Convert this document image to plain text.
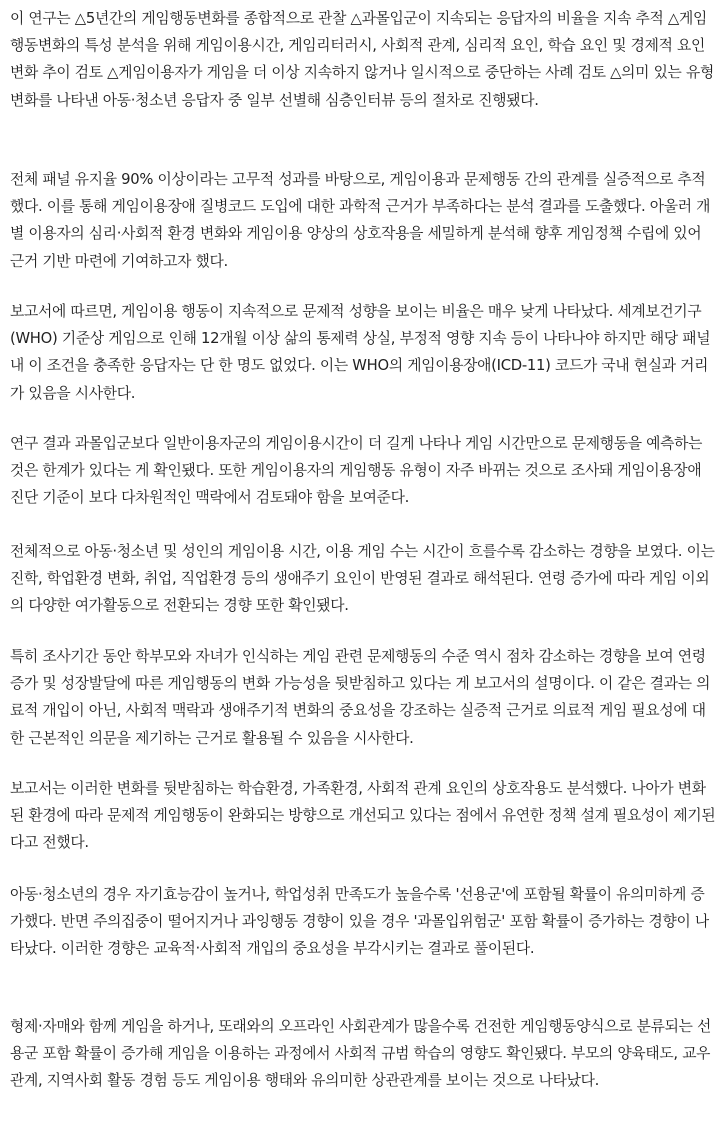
이 연구는 △5년간의 게임행동변화를 종합적으로 관찰 △과몰입군이 지속되는 응답자의 비율을 지속 추적 △게임행동변화의 특성 분석을 위해 게임이용시간, 게임리터러시, 사회적 관계, 심리적 요인, 학습 요인 및 경제적 요인 변화 추이 검토 △게임이용자가 게임을 더 이상 지속하지 않거나 일시적으로 중단하는 사례 검토 △의미 있는 유형변화를 나타낸 아동·청소년 응답자 중 일부 선별해 심층인터뷰 등의 절차로 진행됐다.

전체 패널 유지율 90% 이상이라는 고무적 성과를 바탕으로, 게임이용과 문제행동 간의 관계를 실증적으로 추적했다. 이를 통해 게임이용장애 질병코드 도입에 대한 과학적 근거가 부족하다는 분석 결과를 도출했다. 아울러 개별 이용자의 심리·사회적 환경 변화와 게임이용 양상의 상호작용을 세밀하게 분석해 향후 게임정책 수립에 있어 근거 기반 마련에 기여하고자 했다.

보고서에 따르면, 게임이용 행동이 지속적으로 문제적 성향을 보이는 비율은 매우 낮게 나타났다. 세계보건기구(WHO) 기준상 게임으로 인해 12개월 이상 삶의 통제력 상실, 부정적 영향 지속 등이 나타나야 하지만 해당 패널 내 이 조건을 충족한 응답자는 단 한 명도 없었다. 이는 WHO의 게임이용장애(ICD-11) 코드가 국내 현실과 거리가 있음을 시사한다.

연구 결과 과몰입군보다 일반이용자군의 게임이용시간이 더 길게 나타나 게임 시간만으로 문제행동을 예측하는 것은 한계가 있다는 게 확인됐다. 또한 게임이용자의 게임행동 유형이 자주 바뀌는 것으로 조사돼 게임이용장애 진단 기준이 보다 다차원적인 맥락에서 검토돼야 함을 보여준다.

전체적으로 아동·청소년 및 성인의 게임이용 시간, 이용 게임 수는 시간이 흐를수록 감소하는 경향을 보였다. 이는 진학, 학업환경 변화, 취업, 직업환경 등의 생애주기 요인이 반영된 결과로 해석된다. 연령 증가에 따라 게임 이외의 다양한 여가활동으로 전환되는 경향 또한 확인됐다.

특히 조사기간 동안 학부모와 자녀가 인식하는 게임 관련 문제행동의 수준 역시 점차 감소하는 경향을 보여 연령 증가 및 성장발달에 따른 게임행동의 변화 가능성을 뒷받침하고 있다는 게 보고서의 설명이다. 이 같은 결과는 의료적 개입이 아닌, 사회적 맥락과 생애주기적 변화의 중요성을 강조하는 실증적 근거로 의료적 게임 필요성에 대한 근본적인 의문을 제기하는 근거로 활용될 수 있음을 시사한다.

보고서는 이러한 변화를 뒷받침하는 학습환경, 가족환경, 사회적 관계 요인의 상호작용도 분석했다. 나아가 변화된 환경에 따라 문제적 게임행동이 완화되는 방향으로 개선되고 있다는 점에서 유연한 정책 설계 필요성이 제기된다고 전했다.

아동·청소년의 경우 자기효능감이 높거나, 학업성취 만족도가 높을수록 '선용군'에 포함될 확률이 유의미하게 증가했다. 반면 주의집중이 떨어지거나 과잉행동 경향이 있을 경우 '과몰입위험군' 포함 확률이 증가하는 경향이 나타났다. 이러한 경향은 교육적·사회적 개입의 중요성을 부각시키는 결과로 풀이된다.

형제·자매와 함께 게임을 하거나, 또래와의 오프라인 사회관계가 많을수록 건전한 게임행동양식으로 분류되는 선용군 포함 확률이 증가해 게임을 이용하는 과정에서 사회적 규범 학습의 영향도 확인됐다. 부모의 양육태도, 교우관계, 지역사회 활동 경험 등도 게임이용 행태와 유의미한 상관관계를 보이는 것으로 나타났다.
